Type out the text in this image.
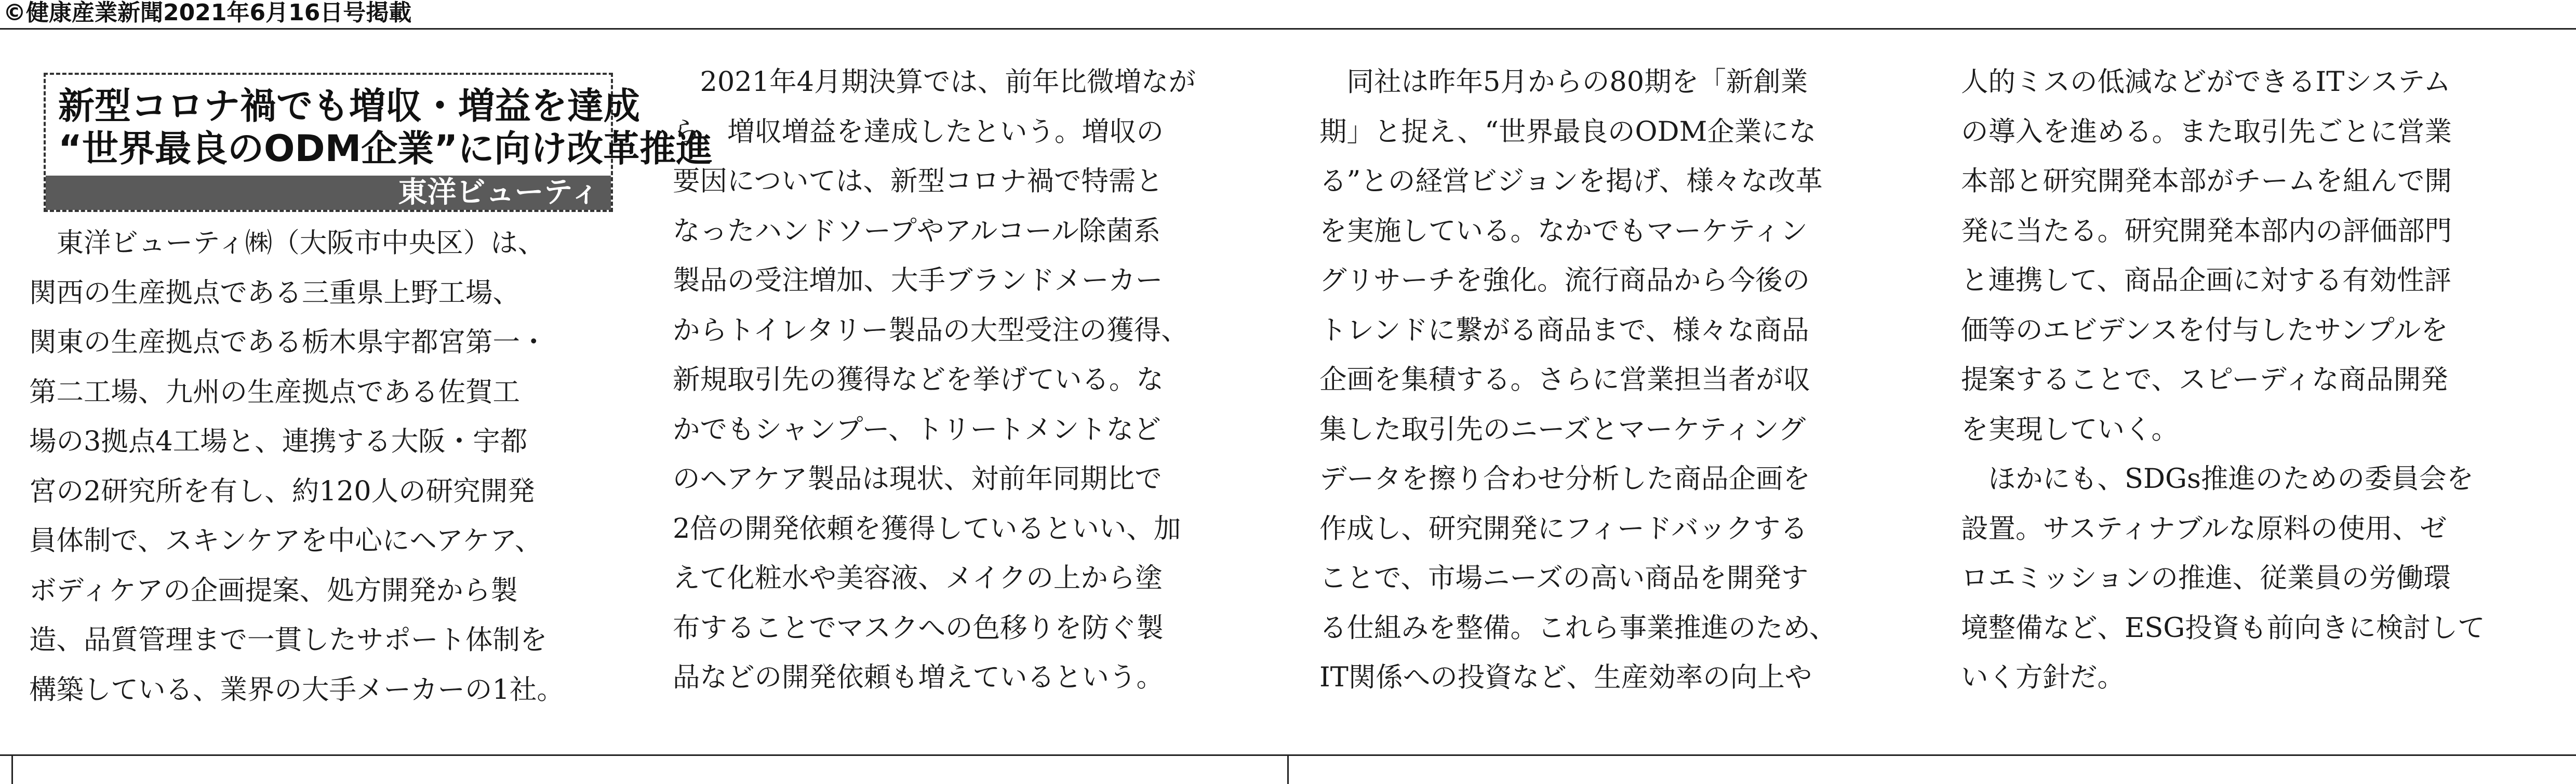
©健康産業新聞2021年6月16日号掲載
新型コロナ禍でも増収・増益を達成
“世界最良のODM企業”に向け改革推進
東洋ビューティ
　東洋ビューティ㈱（大阪市中央区）は、
関西の生産拠点である三重県上野工場、
関東の生産拠点である栃木県宇都宮第一・
第二工場、九州の生産拠点である佐賀工
場の3拠点4工場と、連携する大阪・宇都
宮の2研究所を有し、約120人の研究開発
員体制で、スキンケアを中心にヘアケア、
ボディケアの企画提案、処方開発から製
造、品質管理まで一貫したサポート体制を
構築している、業界の大手メーカーの1社。
　2021年4月期決算では、前年比微増なが
ら、増収増益を達成したという。増収の
要因については、新型コロナ禍で特需と
なったハンドソープやアルコール除菌系
製品の受注増加、大手ブランドメーカー
からトイレタリー製品の大型受注の獲得、
新規取引先の獲得などを挙げている。な
かでもシャンプー、トリートメントなど
のヘアケア製品は現状、対前年同期比で
2倍の開発依頼を獲得しているといい、加
えて化粧水や美容液、メイクの上から塗
布することでマスクへの色移りを防ぐ製
品などの開発依頼も増えているという。
　同社は昨年5月からの80期を「新創業
期」と捉え、“世界最良のODM企業にな
る”との経営ビジョンを掲げ、様々な改革
を実施している。なかでもマーケティン
グリサーチを強化。流行商品から今後の
トレンドに繋がる商品まで、様々な商品
企画を集積する。さらに営業担当者が収
集した取引先のニーズとマーケティング
データを擦り合わせ分析した商品企画を
作成し、研究開発にフィードバックする
ことで、市場ニーズの高い商品を開発す
る仕組みを整備。これら事業推進のため、
IT関係への投資など、生産効率の向上や
人的ミスの低減などができるITシステム
の導入を進める。また取引先ごとに営業
本部と研究開発本部がチームを組んで開
発に当たる。研究開発本部内の評価部門
と連携して、商品企画に対する有効性評
価等のエビデンスを付与したサンプルを
提案することで、スピーディな商品開発
を実現していく。
　ほかにも、SDGs推進のための委員会を
設置。サスティナブルな原料の使用、ゼ
ロエミッションの推進、従業員の労働環
境整備など、ESG投資も前向きに検討して
いく方針だ。
